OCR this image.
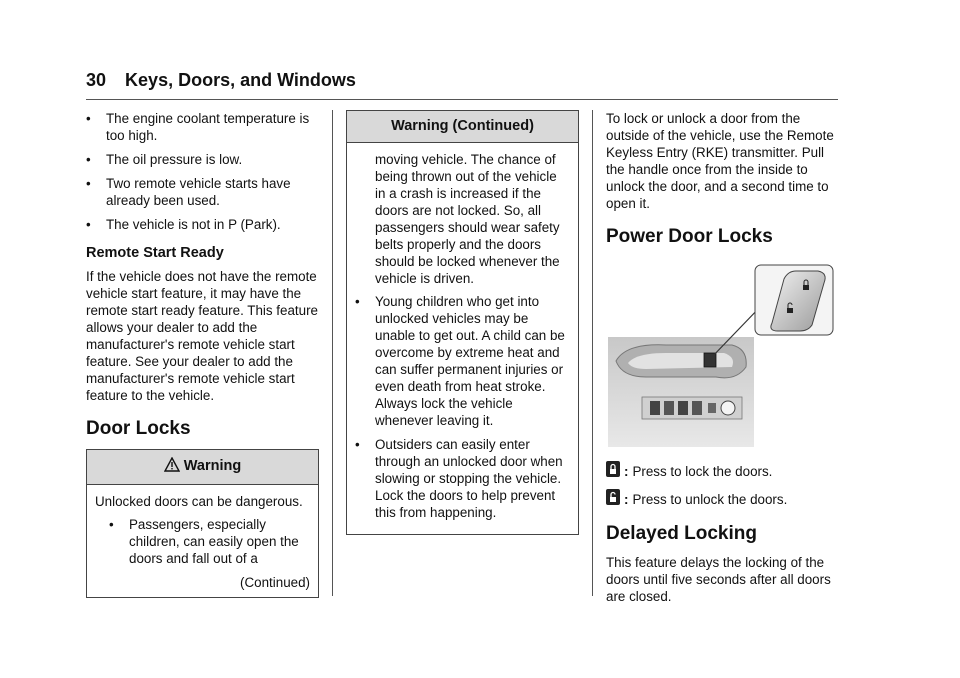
30 Keys, Doors, and Windows
•	The engine coolant temperature is too high.
•	The oil pressure is low.
•	Two remote vehicle starts have already been used.
•	The vehicle is not in P (Park).
Remote Start Ready

If the vehicle does not have the remote vehicle start feature, it may have the remote start ready feature. This feature allows your dealer to add the manufacturer's remote vehicle start feature. See your dealer to add the manufacturer's remote vehicle start feature to the vehicle.

Door Locks
Warning

Unlocked doors can be dangerous.

•	Passengers, especially children, can easily open the doors and fall out of a
(Continued)
Warning (Continued)

moving vehicle. The chance of being thrown out of the vehicle in a crash is increased if the doors are not locked. So, all passengers should wear safety belts properly and the doors should be locked whenever the vehicle is driven.

•	Young children who get into unlocked vehicles may be unable to get out. A child can be overcome by extreme heat and can suffer permanent injuries or even death from heat stroke. Always lock the vehicle whenever leaving it.
•	Outsiders can easily enter through an unlocked door when slowing or stopping the vehicle. Lock the doors to help prevent this from happening.

To lock or unlock a door from the outside of the vehicle, use the Remote Keyless Entry (RKE) transmitter. Pull the handle once from the inside to unlock the door, and a second time to open it.

Power Door Locks
: Press to lock the doors.
: Press to unlock the doors.
Delayed Locking

This feature delays the locking of the doors until five seconds after all doors are closed.
